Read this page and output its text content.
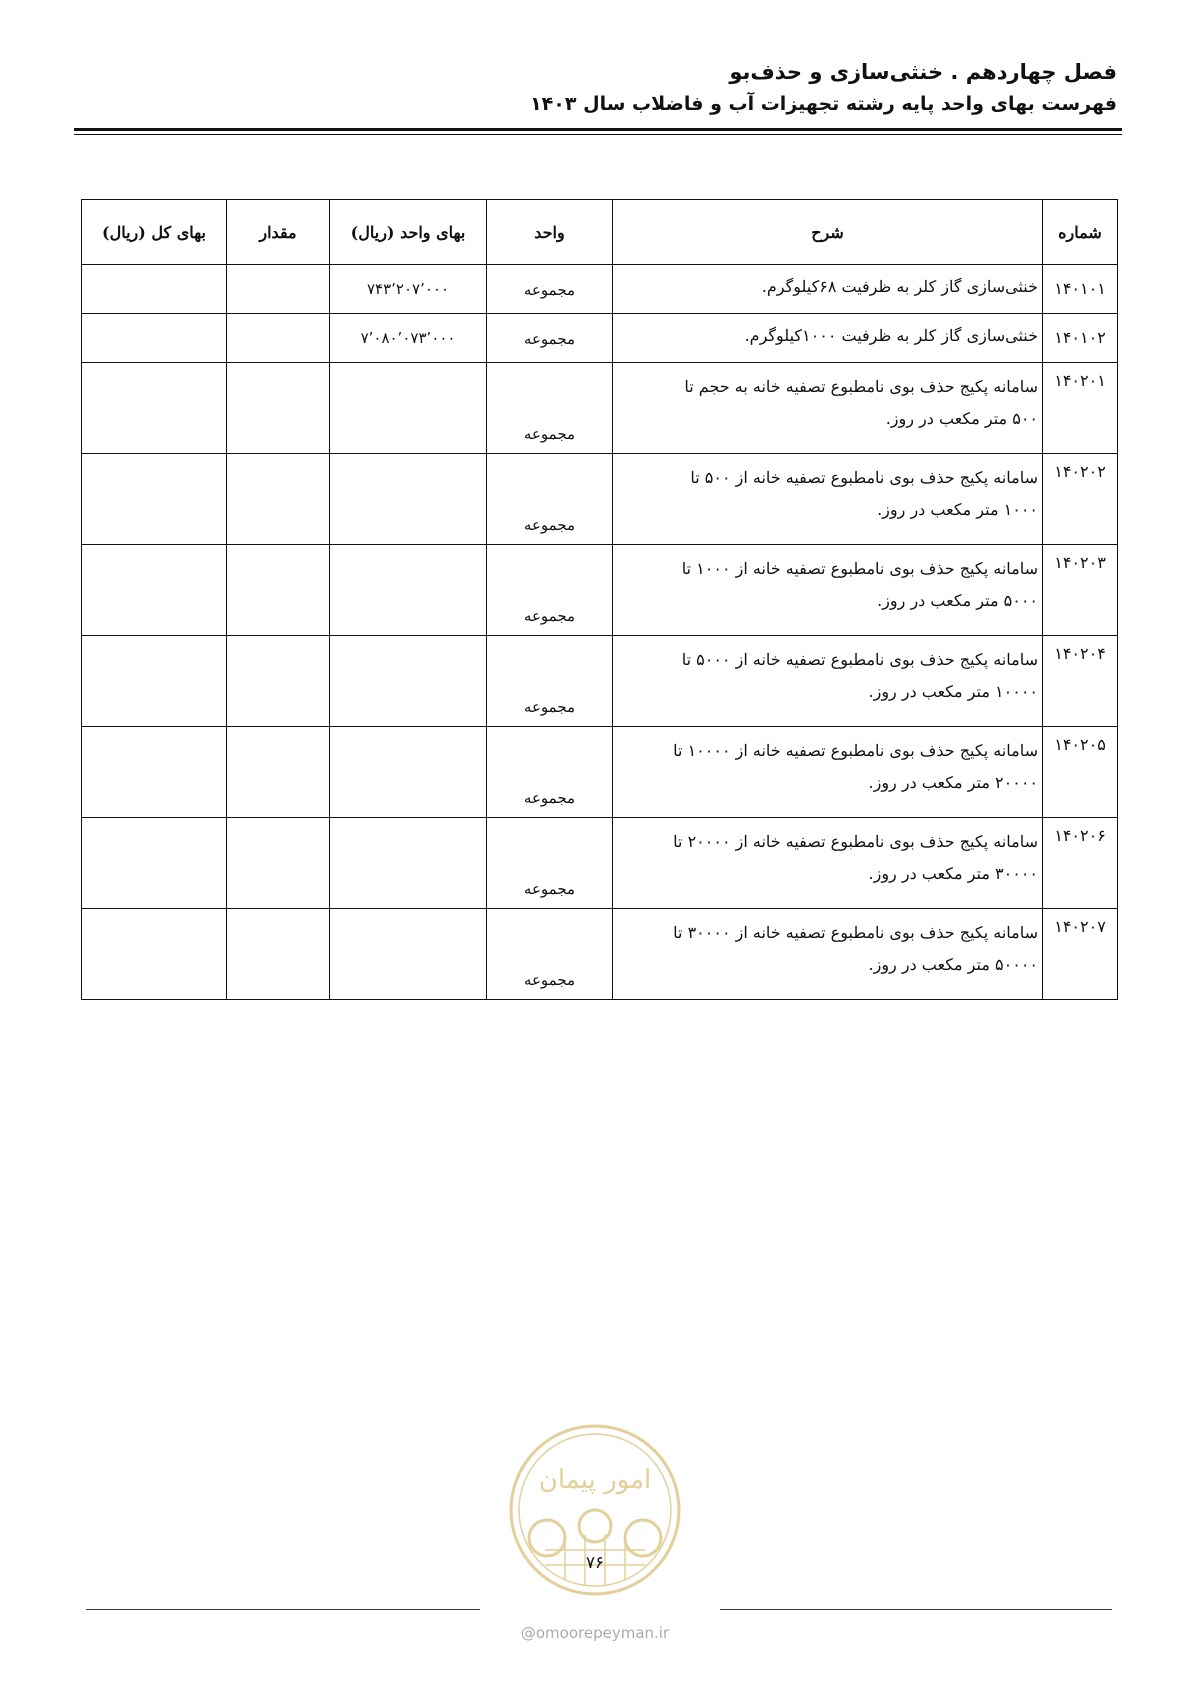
فصل چهاردهم . خنثی‌سازی و حذف‌بو
فهرست بهای واحد پایه رشته تجهیزات آب و فاضلاب سال ۱۴۰۳
شماره	شرح	واحد	بهای واحد (ریال)	مقدار	بهای کل (ریال)
۱۴۰۱۰۱	خنثی‌سازی گاز کلر به ظرفیت ۶۸کیلوگرم.	مجموعه	۷۴۳٬۲۰۷٬۰۰۰		
۱۴۰۱۰۲	خنثی‌سازی گاز کلر به ظرفیت ۱۰۰۰کیلوگرم.	مجموعه	۷٬۰۸۰٬۰۷۳٬۰۰۰		
۱۴۰۲۰۱	سامانه پکیج حذف بوی نامطبوع تصفیه خانه به حجم تا
۵۰۰ متر مکعب در روز.	مجموعه			
۱۴۰۲۰۲	سامانه پکیج حذف بوی نامطبوع تصفیه خانه از ۵۰۰ تا
۱۰۰۰ متر مکعب در روز.	مجموعه			
۱۴۰۲۰۳	سامانه پکیج حذف بوی نامطبوع تصفیه خانه از ۱۰۰۰ تا
۵۰۰۰ متر مکعب در روز.	مجموعه			
۱۴۰۲۰۴	سامانه پکیج حذف بوی نامطبوع تصفیه خانه از ۵۰۰۰ تا
۱۰۰۰۰ متر مکعب در روز.	مجموعه			
۱۴۰۲۰۵	سامانه پکیج حذف بوی نامطبوع تصفیه خانه از ۱۰۰۰۰ تا
۲۰۰۰۰ متر مکعب در روز.	مجموعه			
۱۴۰۲۰۶	سامانه پکیج حذف بوی نامطبوع تصفیه خانه از ۲۰۰۰۰ تا
۳۰۰۰۰ متر مکعب در روز.	مجموعه			
۱۴۰۲۰۷	سامانه پکیج حذف بوی نامطبوع تصفیه خانه از ۳۰۰۰۰ تا
۵۰۰۰۰ متر مکعب در روز.	مجموعه			
امور پیمان
۷۶
@omoorepeyman.ir
